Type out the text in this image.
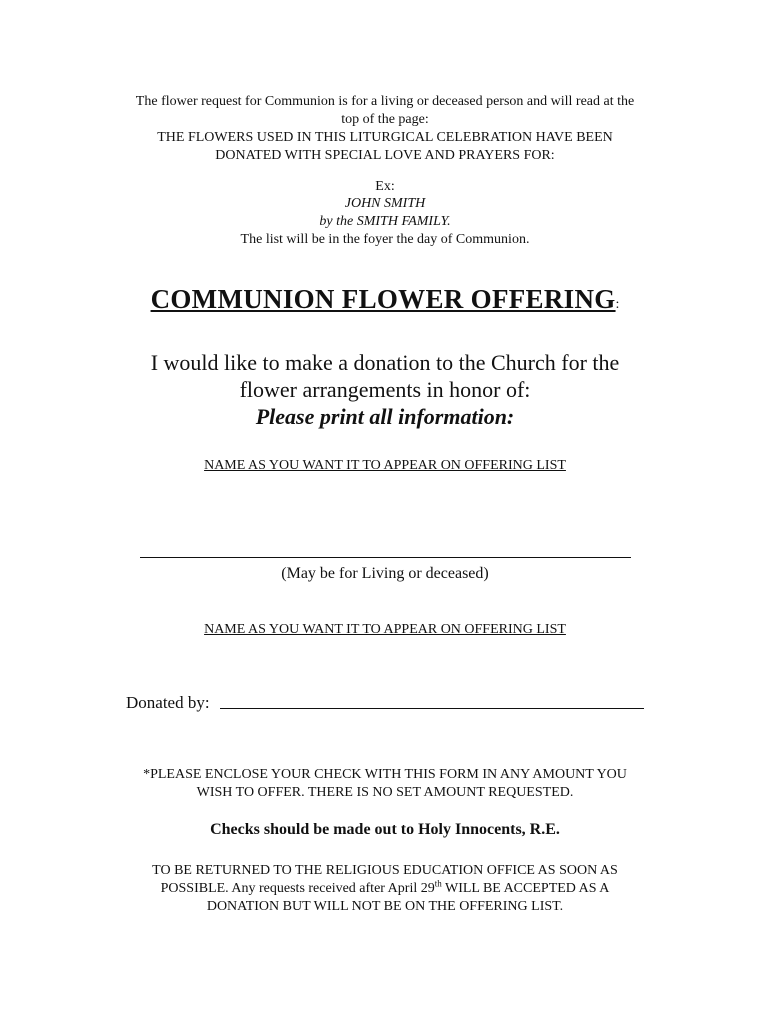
The flower request for Communion is for a living or deceased person and will read at the
top of the page:
THE FLOWERS USED IN THIS LITURGICAL CELEBRATION HAVE BEEN
DONATED WITH SPECIAL LOVE AND PRAYERS FOR:
Ex:
JOHN SMITH
by the SMITH FAMILY.
The list will be in the foyer the day of Communion.
COMMUNION FLOWER OFFERING:
I would like to make a donation to the Church for the
flower arrangements in honor of:
Please print all information:
NAME AS YOU WANT IT TO APPEAR ON OFFERING LIST
(May be for Living or deceased)
NAME AS YOU WANT IT TO APPEAR ON OFFERING LIST
Donated by:
*PLEASE ENCLOSE YOUR CHECK WITH THIS FORM IN ANY AMOUNT YOU
WISH TO OFFER. THERE IS NO SET AMOUNT REQUESTED.
Checks should be made out to Holy Innocents, R.E.
TO BE RETURNED TO THE RELIGIOUS EDUCATION OFFICE AS SOON AS
POSSIBLE. Any requests received after April 29th WILL BE ACCEPTED AS A
DONATION BUT WILL NOT BE ON THE OFFERING LIST.
